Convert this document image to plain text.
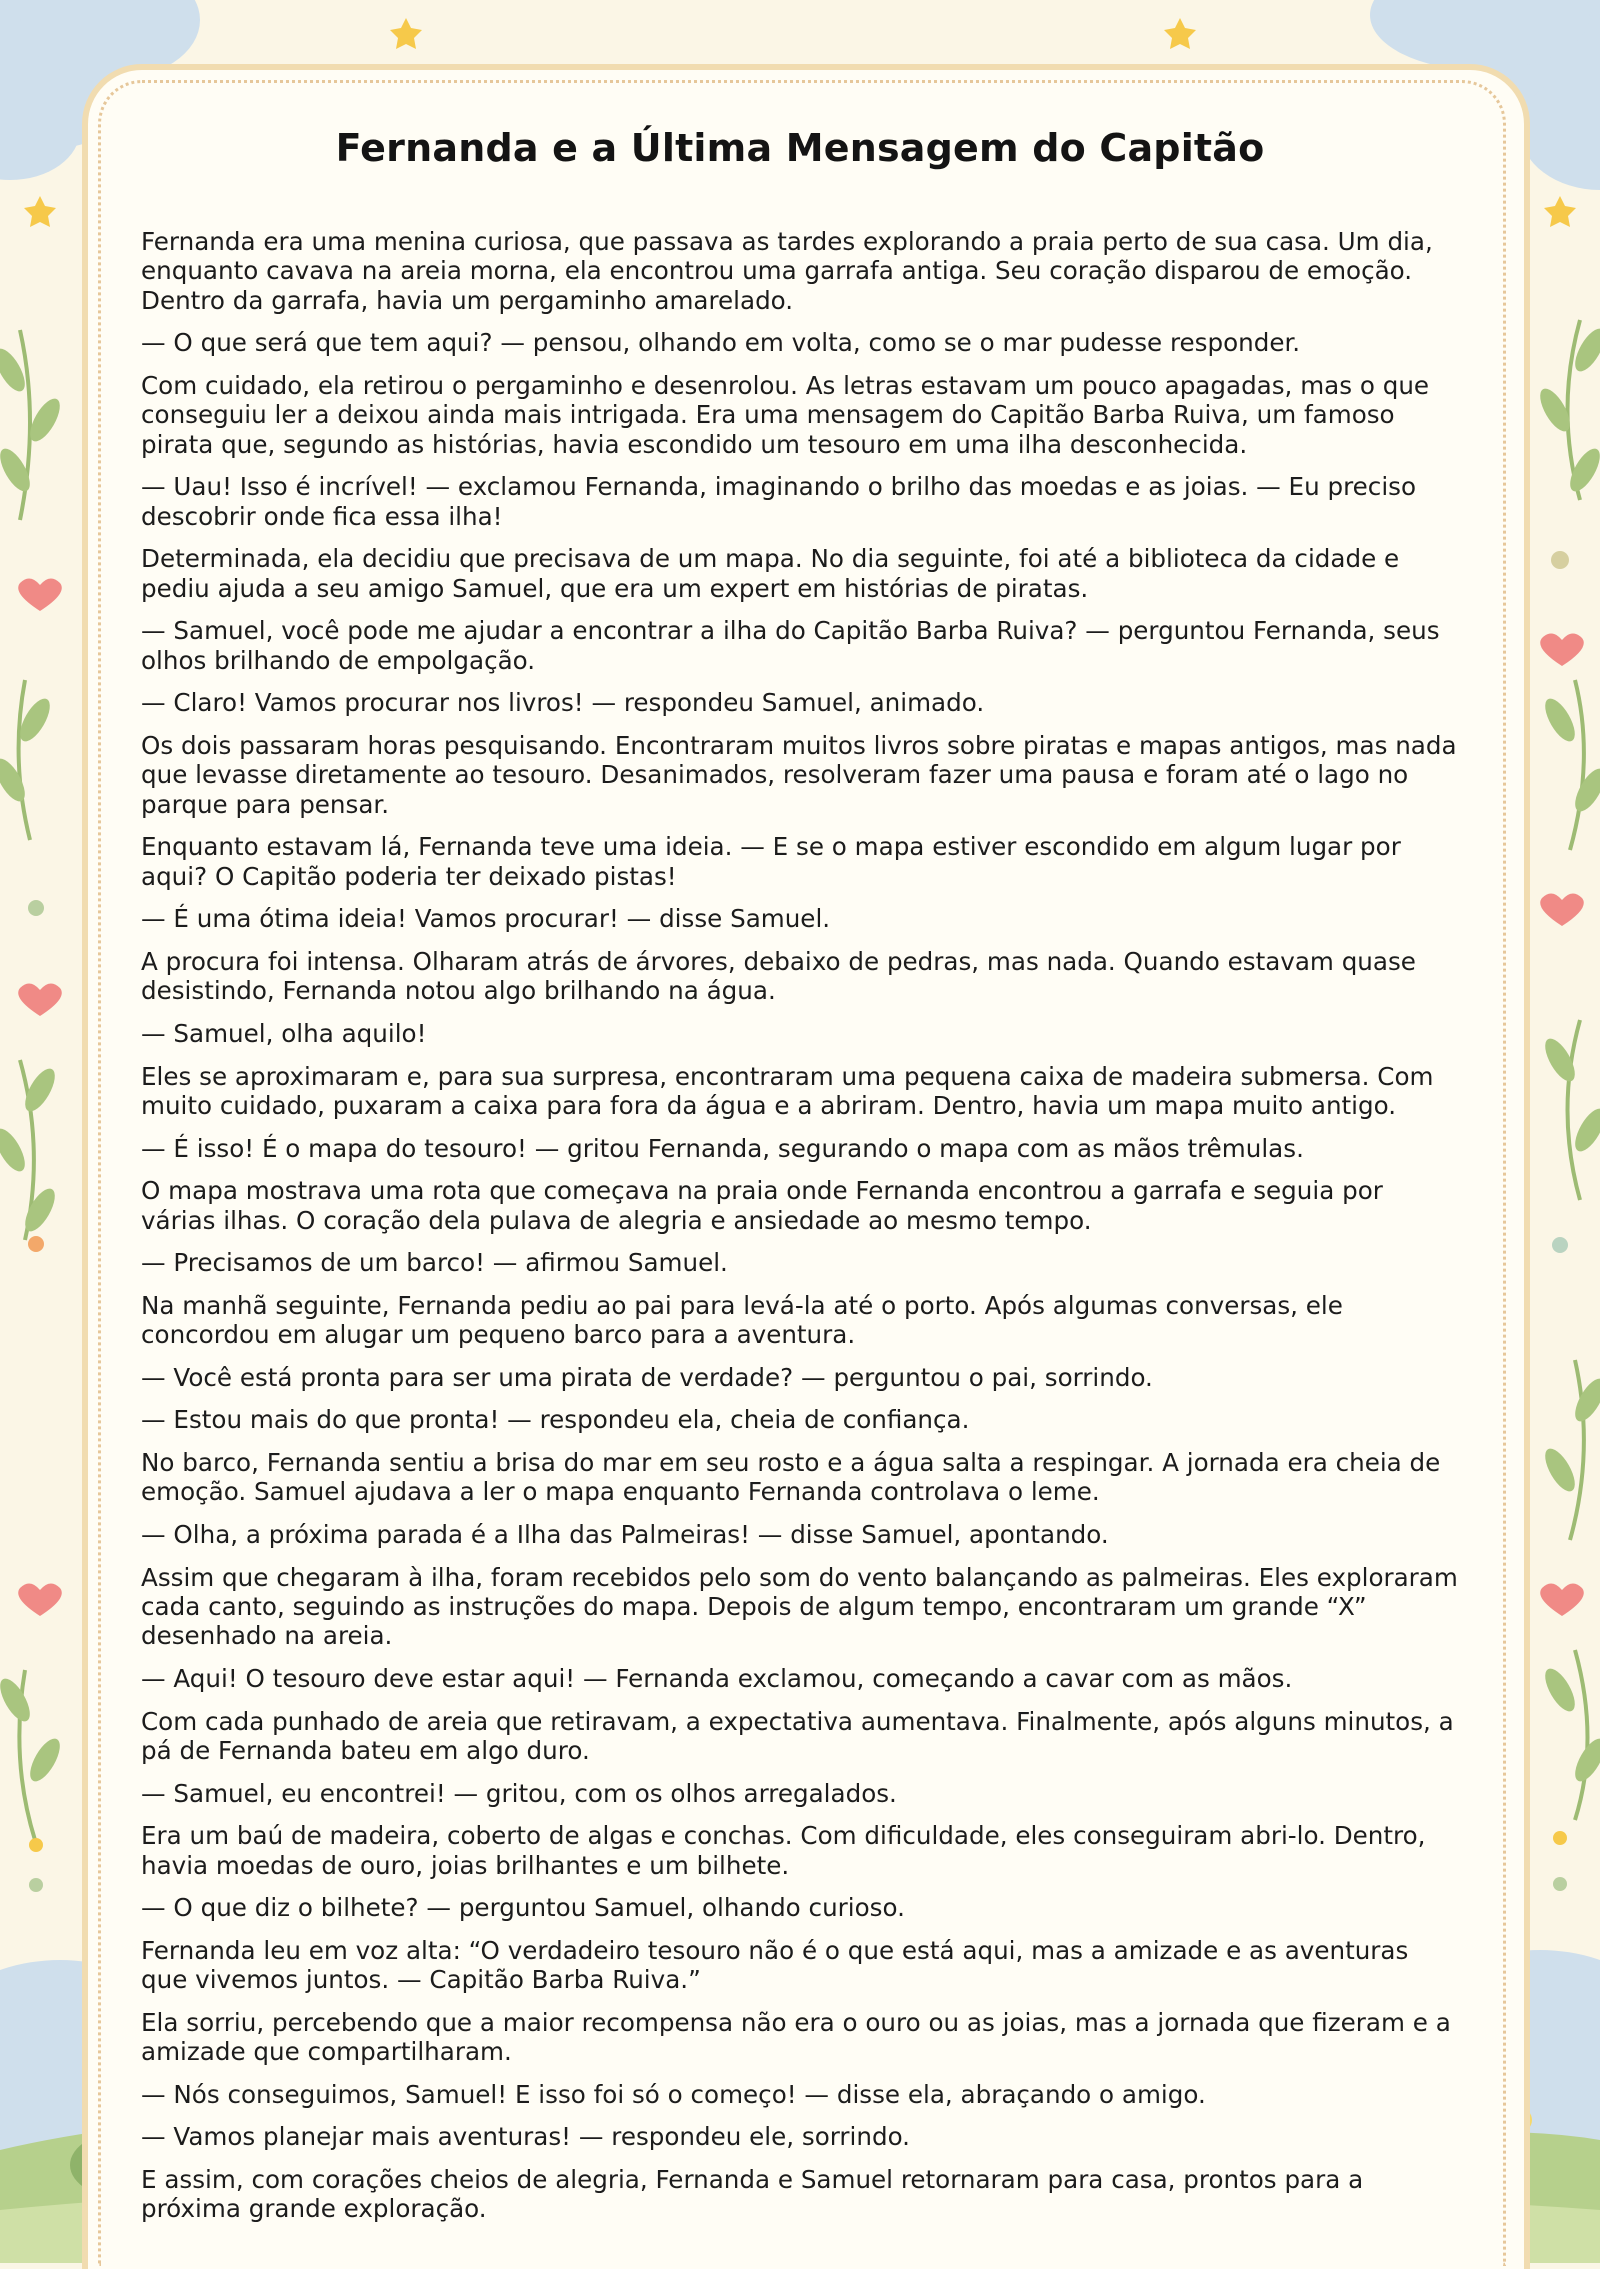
Fernanda e a Última Mensagem do Capitão

Fernanda era uma menina curiosa, que passava as tardes explorando a praia perto de sua casa. Um dia, enquanto cavava na areia morna, ela encontrou uma garrafa antiga. Seu coração disparou de emoção. Dentro da garrafa, havia um pergaminho amarelado.

— O que será que tem aqui? — pensou, olhando em volta, como se o mar pudesse responder.

Com cuidado, ela retirou o pergaminho e desenrolou. As letras estavam um pouco apagadas, mas o que conseguiu ler a deixou ainda mais intrigada. Era uma mensagem do Capitão Barba Ruiva, um famoso pirata que, segundo as histórias, havia escondido um tesouro em uma ilha desconhecida.

— Uau! Isso é incrível! — exclamou Fernanda, imaginando o brilho das moedas e as joias. — Eu preciso descobrir onde fica essa ilha!

Determinada, ela decidiu que precisava de um mapa. No dia seguinte, foi até a biblioteca da cidade e pediu ajuda a seu amigo Samuel, que era um expert em histórias de piratas.

— Samuel, você pode me ajudar a encontrar a ilha do Capitão Barba Ruiva? — perguntou Fernanda, seus olhos brilhando de empolgação.

— Claro! Vamos procurar nos livros! — respondeu Samuel, animado.

Os dois passaram horas pesquisando. Encontraram muitos livros sobre piratas e mapas antigos, mas nada que levasse diretamente ao tesouro. Desanimados, resolveram fazer uma pausa e foram até o lago no parque para pensar.

Enquanto estavam lá, Fernanda teve uma ideia. — E se o mapa estiver escondido em algum lugar por aqui? O Capitão poderia ter deixado pistas!

— É uma ótima ideia! Vamos procurar! — disse Samuel.

A procura foi intensa. Olharam atrás de árvores, debaixo de pedras, mas nada. Quando estavam quase desistindo, Fernanda notou algo brilhando na água.

— Samuel, olha aquilo!

Eles se aproximaram e, para sua surpresa, encontraram uma pequena caixa de madeira submersa. Com muito cuidado, puxaram a caixa para fora da água e a abriram. Dentro, havia um mapa muito antigo.

— É isso! É o mapa do tesouro! — gritou Fernanda, segurando o mapa com as mãos trêmulas.

O mapa mostrava uma rota que começava na praia onde Fernanda encontrou a garrafa e seguia por várias ilhas. O coração dela pulava de alegria e ansiedade ao mesmo tempo.

— Precisamos de um barco! — afirmou Samuel.

Na manhã seguinte, Fernanda pediu ao pai para levá-la até o porto. Após algumas conversas, ele concordou em alugar um pequeno barco para a aventura.

— Você está pronta para ser uma pirata de verdade? — perguntou o pai, sorrindo.

— Estou mais do que pronta! — respondeu ela, cheia de confiança.

No barco, Fernanda sentiu a brisa do mar em seu rosto e a água salta a respingar. A jornada era cheia de emoção. Samuel ajudava a ler o mapa enquanto Fernanda controlava o leme.

— Olha, a próxima parada é a Ilha das Palmeiras! — disse Samuel, apontando.

Assim que chegaram à ilha, foram recebidos pelo som do vento balançando as palmeiras. Eles exploraram cada canto, seguindo as instruções do mapa. Depois de algum tempo, encontraram um grande “X” desenhado na areia.

— Aqui! O tesouro deve estar aqui! — Fernanda exclamou, começando a cavar com as mãos.

Com cada punhado de areia que retiravam, a expectativa aumentava. Finalmente, após alguns minutos, a pá de Fernanda bateu em algo duro.

— Samuel, eu encontrei! — gritou, com os olhos arregalados.

Era um baú de madeira, coberto de algas e conchas. Com dificuldade, eles conseguiram abri-lo. Dentro, havia moedas de ouro, joias brilhantes e um bilhete.

— O que diz o bilhete? — perguntou Samuel, olhando curioso.

Fernanda leu em voz alta: “O verdadeiro tesouro não é o que está aqui, mas a amizade e as aventuras que vivemos juntos. — Capitão Barba Ruiva.”

Ela sorriu, percebendo que a maior recompensa não era o ouro ou as joias, mas a jornada que fizeram e a amizade que compartilharam.

— Nós conseguimos, Samuel! E isso foi só o começo! — disse ela, abraçando o amigo.

— Vamos planejar mais aventuras! — respondeu ele, sorrindo.

E assim, com corações cheios de alegria, Fernanda e Samuel retornaram para casa, prontos para a próxima grande exploração.
